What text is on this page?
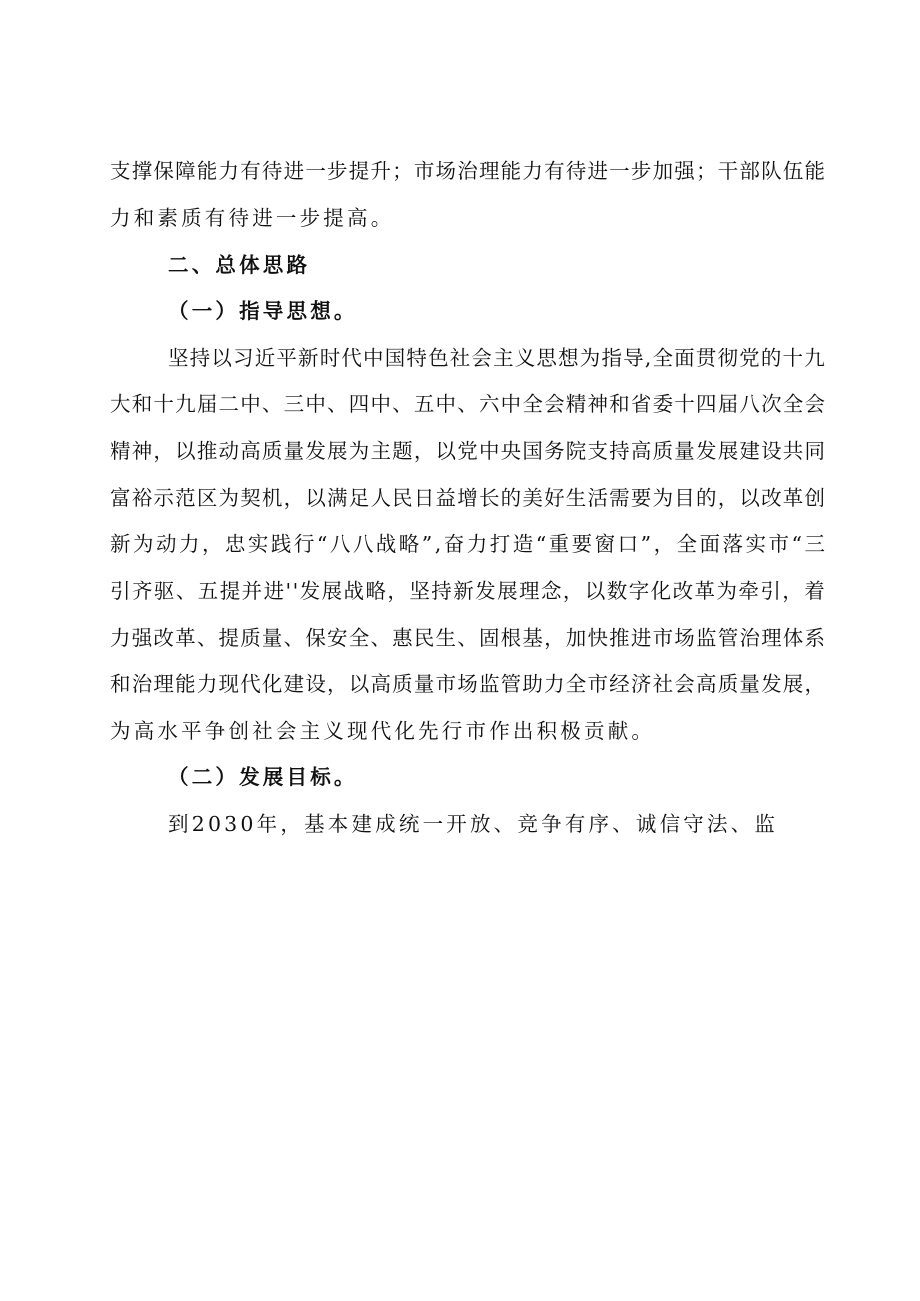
支 撑 保 障 能 力 有 待 进 一 步 提 升 ； 市 场 治 理 能 力 有 待 进 一 步 加 强 ； 干 部 队 伍 能
力和素质有待进一步提高。
二、总体思路
（一）指导思想。
坚 持 以 习 近 平 新 时 代 中 国 特 色 社 会 主 义 思 想 为 指 导 , 全 面 贯 彻 党 的 十 九
大 和 十 九 届 二 中 、 三 中 、 四 中 、 五 中 、 六 中 全 会 精 神 和 省 委 十 四 届 八 次 全 会
精 神 ， 以 推 动 高 质 量 发 展 为 主 题 ， 以 党 中 央 国 务 院 支 持 高 质 量 发 展 建 设 共 同
富 裕 示 范 区 为 契 机 ， 以 满 足 人 民 日 益 增 长 的 美 好 生 活 需 要 为 目 的 ， 以 改 革 创
新 为 动 力 ， 忠 实 践 行 “ 八 八 战 略 ” , 奋 力 打 造 “ 重 要 窗 口 ” ， 全 面 落 实 市 “ 三
引 齐 驱 、 五 提 并 进 ' ' 发 展 战 略 ， 坚 持 新 发 展 理 念 ， 以 数 字 化 改 革 为 牵 引 ， 着
力 强 改 革 、 提 质 量 、 保 安 全 、 惠 民 生 、 固 根 基 ， 加 快 推 进 市 场 监 管 治 理 体 系
和 治 理 能 力 现 代 化 建 设 ， 以 高 质 量 市 场 监 管 助 力 全 市 经 济 社 会 高 质 量 发 展 ，
为高水平争创社会主义现代化先行市作出积极贡献。
（二）发展目标。
到2030年，基本建成统一开放、竞争有序、诚信守法、监
